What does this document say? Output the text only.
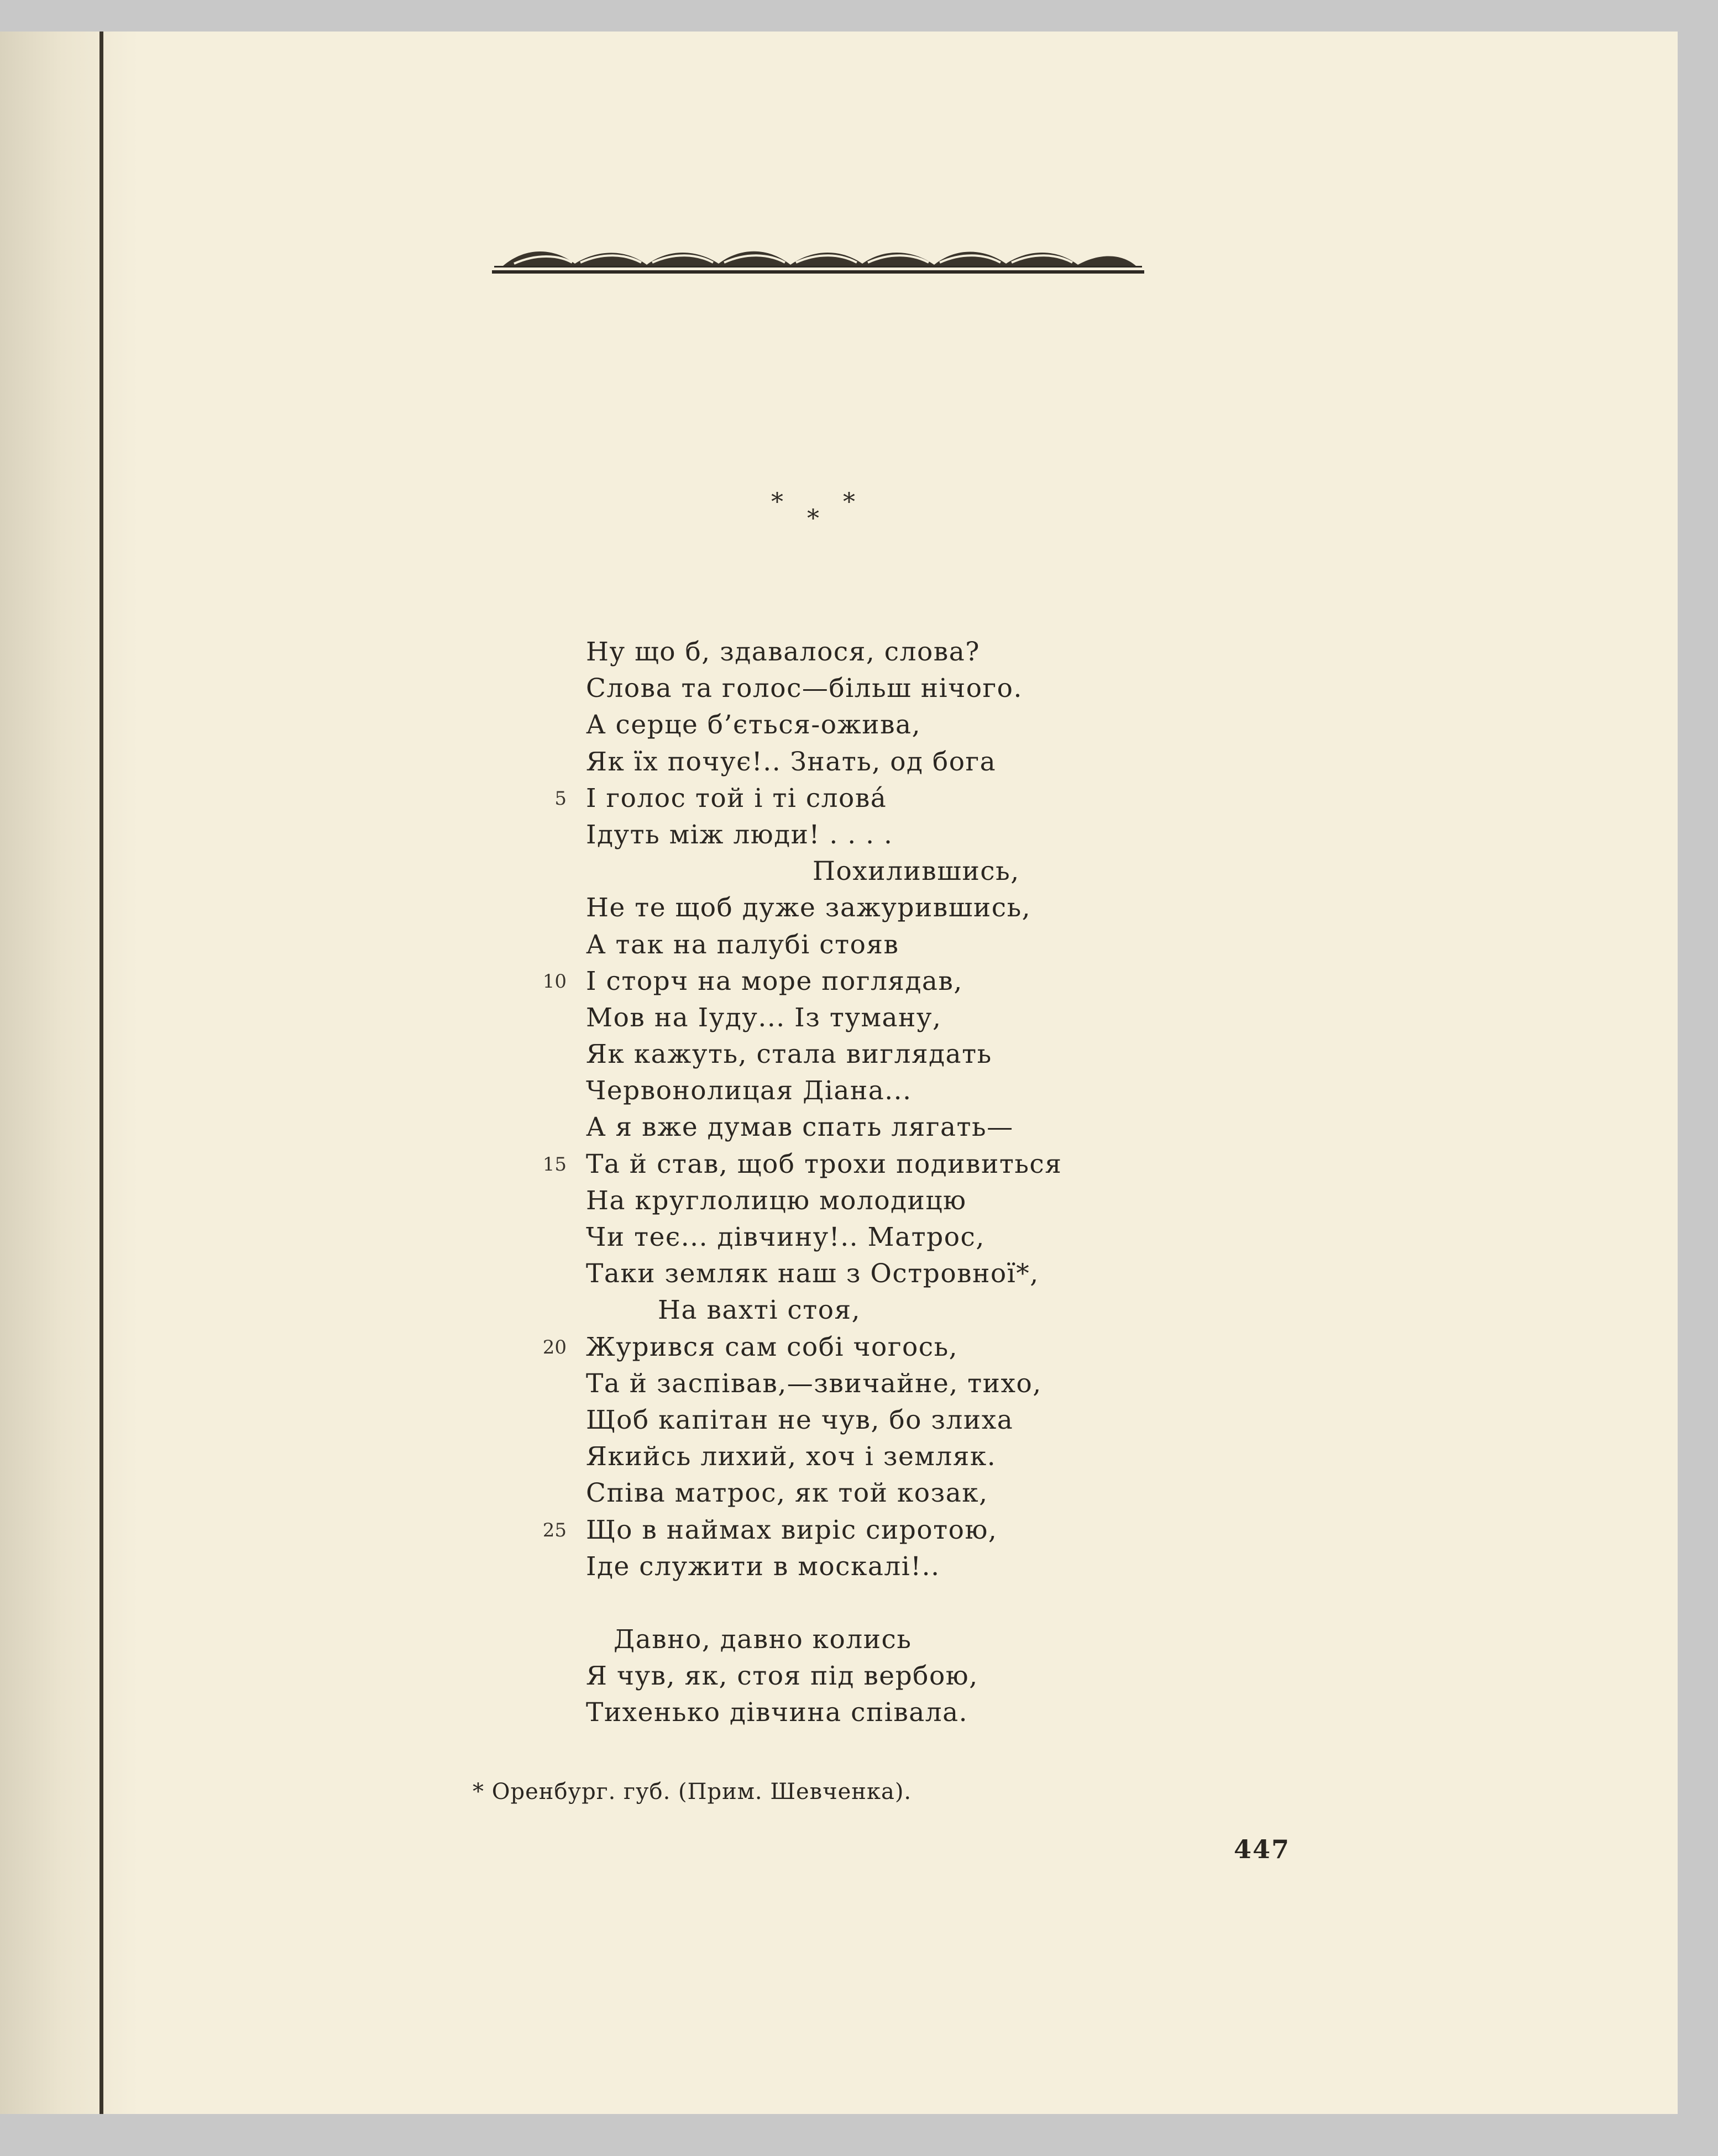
* *
*
Ну що б, здавалося, слова?
Слова та голос—більш нічого.
А серце б’ється-ожива,
Як їх почує!.. Знать, од бога
5 І голос той і ті слова́
Ідуть між люди! . . . .
Похилившись,
Не те щоб дуже зажурившись,
А так на палубі стояв
10 І сторч на море поглядав,
Мов на Іуду... Із туману,
Як кажуть, стала виглядать
Червонолицая Діана...
А я вже думав спать лягать—
15 Та й став, щоб трохи подивиться
На круглолицю молодицю
Чи теє... дівчину!.. Матрос,
Таки земляк наш з Островної*,
На вахті стоя,
20 Журився сам собі чогось,
Та й заспівав,—звичайне, тихо,
Щоб капітан не чув, бо злиха
Якийсь лихий, хоч і земляк.
Співа матрос, як той козак,
25 Що в наймах виріс сиротою,
Іде служити в москалі!..
Давно, давно колись
Я чув, як, стоя під вербою,
Тихенько дівчина співала.
* Оренбург. губ. (Прим. Шевченка).
447
